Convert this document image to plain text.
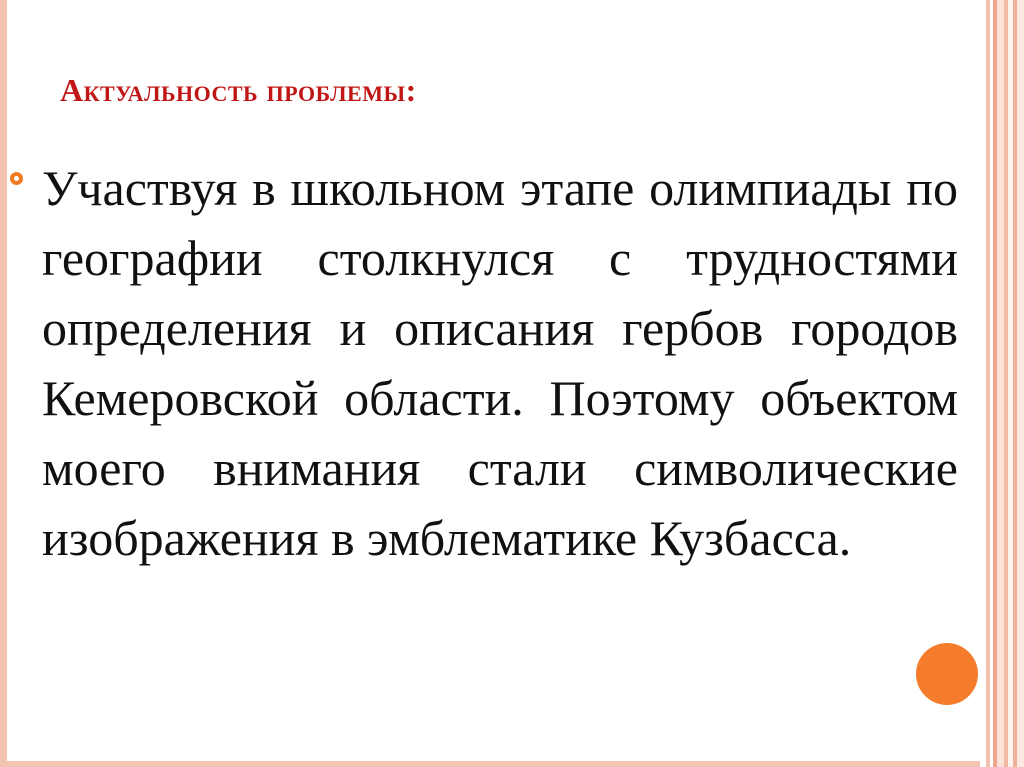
Актуальность проблемы:

Участвуя в школьном этапе олимпиады по географии столкнулся с трудностями определения и описания гербов городов Кемеровской области. Поэтому объектом моего внимания стали символические изображения в эмблематике Кузбасса.
